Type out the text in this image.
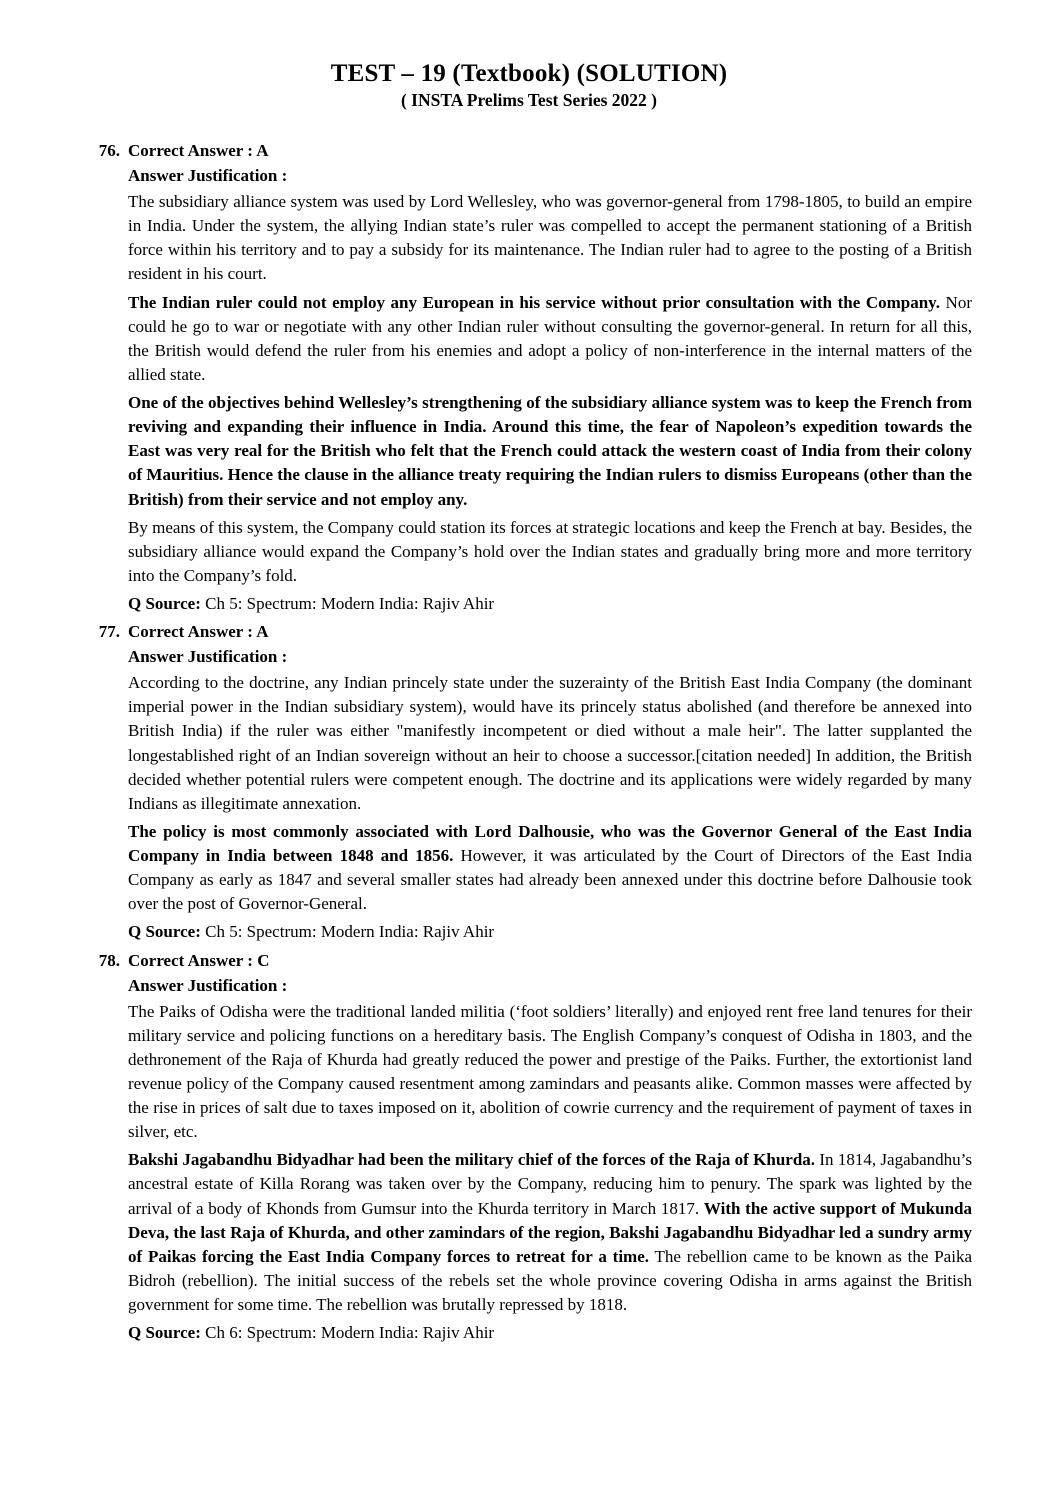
TEST – 19 (Textbook) (SOLUTION)
( INSTA Prelims Test Series 2022 )
76. Correct Answer : A
Answer Justification :

The subsidiary alliance system was used by Lord Wellesley, who was governor-general from 1798-1805, to build an empire in India. Under the system, the allying Indian state’s ruler was compelled to accept the permanent stationing of a British force within his territory and to pay a subsidy for its maintenance. The Indian ruler had to agree to the posting of a British resident in his court.

The Indian ruler could not employ any European in his service without prior consultation with the Company. Nor could he go to war or negotiate with any other Indian ruler without consulting the governor-general. In return for all this, the British would defend the ruler from his enemies and adopt a policy of non-interference in the internal matters of the allied state.

One of the objectives behind Wellesley’s strengthening of the subsidiary alliance system was to keep the French from reviving and expanding their influence in India. Around this time, the fear of Napoleon’s expedition towards the East was very real for the British who felt that the French could attack the western coast of India from their colony of Mauritius. Hence the clause in the alliance treaty requiring the Indian rulers to dismiss Europeans (other than the British) from their service and not employ any.

By means of this system, the Company could station its forces at strategic locations and keep the French at bay. Besides, the subsidiary alliance would expand the Company’s hold over the Indian states and gradually bring more and more territory into the Company’s fold.

Q Source: Ch 5: Spectrum: Modern India: Rajiv Ahir
77. Correct Answer : A
Answer Justification :

According to the doctrine, any Indian princely state under the suzerainty of the British East India Company (the dominant imperial power in the Indian subsidiary system), would have its princely status abolished (and therefore be annexed into British India) if the ruler was either "manifestly incompetent or died without a male heir". The latter supplanted the longestablished right of an Indian sovereign without an heir to choose a successor.[citation needed] In addition, the British decided whether potential rulers were competent enough. The doctrine and its applications were widely regarded by many Indians as illegitimate annexation.

The policy is most commonly associated with Lord Dalhousie, who was the Governor General of the East India Company in India between 1848 and 1856. However, it was articulated by the Court of Directors of the East India Company as early as 1847 and several smaller states had already been annexed under this doctrine before Dalhousie took over the post of Governor-General.

Q Source: Ch 5: Spectrum: Modern India: Rajiv Ahir
78. Correct Answer : C
Answer Justification :

The Paiks of Odisha were the traditional landed militia (‘foot soldiers’ literally) and enjoyed rent free land tenures for their military service and policing functions on a hereditary basis. The English Company’s conquest of Odisha in 1803, and the dethronement of the Raja of Khurda had greatly reduced the power and prestige of the Paiks. Further, the extortionist land revenue policy of the Company caused resentment among zamindars and peasants alike. Common masses were affected by the rise in prices of salt due to taxes imposed on it, abolition of cowrie currency and the requirement of payment of taxes in silver, etc.

Bakshi Jagabandhu Bidyadhar had been the military chief of the forces of the Raja of Khurda. In 1814, Jagabandhu’s ancestral estate of Killa Rorang was taken over by the Company, reducing him to penury. The spark was lighted by the arrival of a body of Khonds from Gumsur into the Khurda territory in March 1817. With the active support of Mukunda Deva, the last Raja of Khurda, and other zamindars of the region, Bakshi Jagabandhu Bidyadhar led a sundry army of Paikas forcing the East India Company forces to retreat for a time. The rebellion came to be known as the Paika Bidroh (rebellion). The initial success of the rebels set the whole province covering Odisha in arms against the British government for some time. The rebellion was brutally repressed by 1818.

Q Source: Ch 6: Spectrum: Modern India: Rajiv Ahir
